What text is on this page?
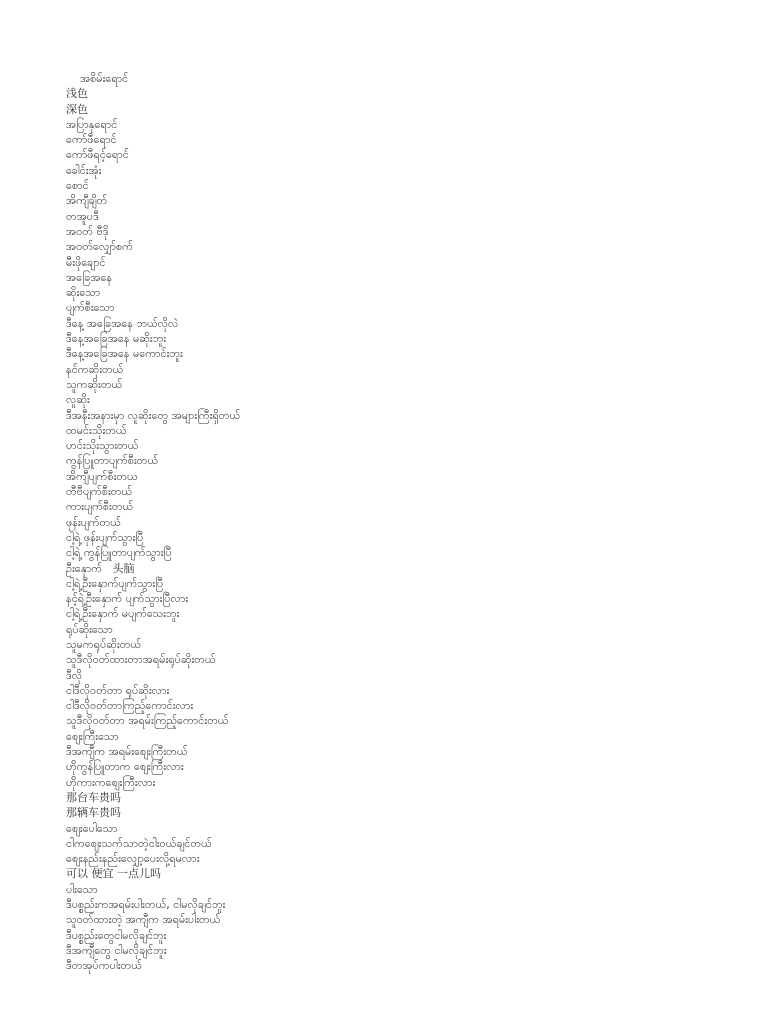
အစိမ်းရောင်
浅色
深色
အပြာနုရောင်
ကော်ဖီရောင်
ကော်ဖီရင့်ရောင်
ခေါင်းအုံး
စောင်
အိကျီချိတ်
တအူပဒီ
အဝတ် ဗီဒို
အဝတ်လျှော်စက်
မီးဖိုချောင်
အခြေအနေ
ဆိုးသော
ပျက်စီးသော
ဒီနေ့ အခြေအနေ ဘယ်လိုလဲ
ဒီနေ့အခြေအနေ မဆိုးဘူး
ဒီနေ့အခြေအနေ မကောင်းဘူး
နင်ကဆိုးတယ်
သူကဆိုးတယ်
လူဆိုး
ဒီအနီးအနားမှာ လူဆိုးတွေ အများကြီးရှိတယ်
ထမင်းသိုးတယ်
ဟင်းသိုးသွားတယ်
ကွန်ပြူတာပျက်စီးတယ်
အိကျီပျက်စီးတယ
တီဗီပျက်စီးတယ်
ကားပျက်စီးတယ်
ဖုန်းပျက်တယ်
ငါ့ရဲ့ ဖုန်းပျက်သွားပြီ
ငါ့ရဲ့ ကွန်ပြူတာပျက်သွားပြီ
ဦးနှောက်   头脑
ငါ့ရဲ့ဦးနှောက်ပျက်သွားပြီ
နင့်ရဲ့ဦးနှောက် ပျက်သွားပြီလား
ငါ့ရဲ့ဦးနှောက် မပျက်သေးဘူး
ရုပ်ဆိုးသော
သူမကရုပ်ဆိုးတယ်
သူဒီလိုဝတ်ထားတာအရမ်းရုပ်ဆိုးတယ်
ဒီလို
ငါဒီလိုဝတ်တာ ရုပ်ဆိုးလား
ငါဒီလိုဝတ်တာကြည့်ကောင်းလား
သူဒီလိုဝတ်တာ အရမ်းကြည့်ကောင်းတယ်
စျေးကြီးသော
ဒီအကျီက အရမ်းစျေးကြီးတယ်
ဟိုကွန်ပြူတာက စျေးကြီးလား
ဟိုကားကစျေးကြီးလား
那台车贵吗
那辆车贵吗
စျေးပေါသော
ငါကစျေးသက်သာတဲ့ငါးဝယ်ချင်တယ်
စျေးနည်းနည်းလျှော့ပေးလို့ရမလား
可以 便宜 一点儿吗
ပါးသော
ဒီပစ္စည်းကအရမ်းပါးတယ်, ငါမလိုချင်ဘူး
သူဝတ်ထားတဲ့ အကျီက အရမ်းပါးတယ်
ဒီပစ္စည်းတွေငါမလိုချင်ဘူး
ဒီအကျီတွေ ငါမလိုချင်ဘူး
ဒီတအုပ်ကပါးတယ်
